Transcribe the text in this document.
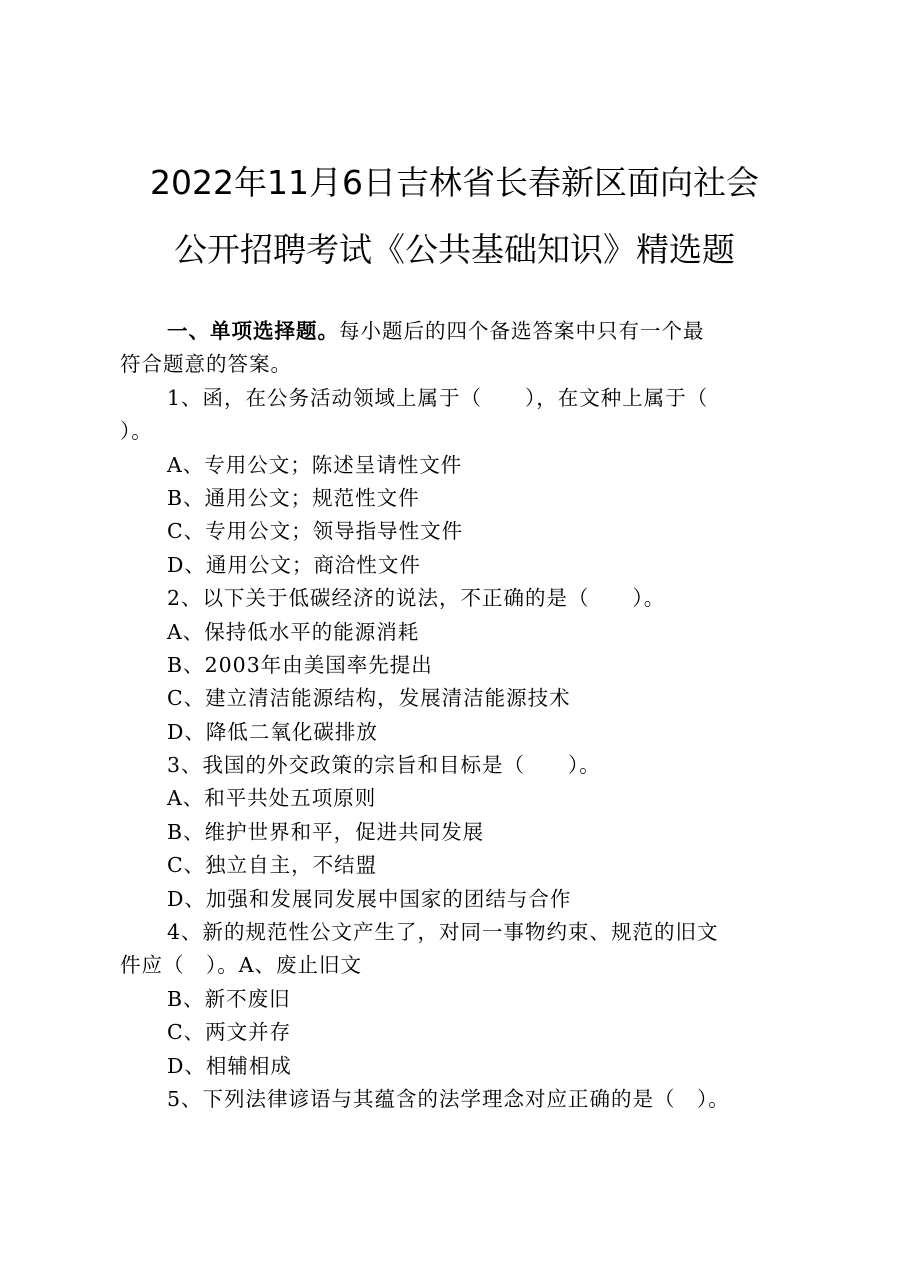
2022年11月6日吉林省长春新区面向社会
公开招聘考试《公共基础知识》精选题
一、单项选择题。每小题后的四个备选答案中只有一个最
符合题意的答案。
1、函，在公务活动领域上属于（　　），在文种上属于（
）。
A、专用公文；陈述呈请性文件
B、通用公文；规范性文件
C、专用公文；领导指导性文件
D、通用公文；商洽性文件
2、以下关于低碳经济的说法，不正确的是（　　）。
A、保持低水平的能源消耗
B、2003年由美国率先提出
C、建立清洁能源结构，发展清洁能源技术
D、降低二氧化碳排放
3、我国的外交政策的宗旨和目标是（　　）。
A、和平共处五项原则
B、维护世界和平，促进共同发展
C、独立自主，不结盟
D、加强和发展同发展中国家的团结与合作
4、新的规范性公文产生了，对同一事物约束、规范的旧文
件应（　）。A、废止旧文
B、新不废旧
C、两文并存
D、相辅相成
5、下列法律谚语与其蕴含的法学理念对应正确的是（　）。
